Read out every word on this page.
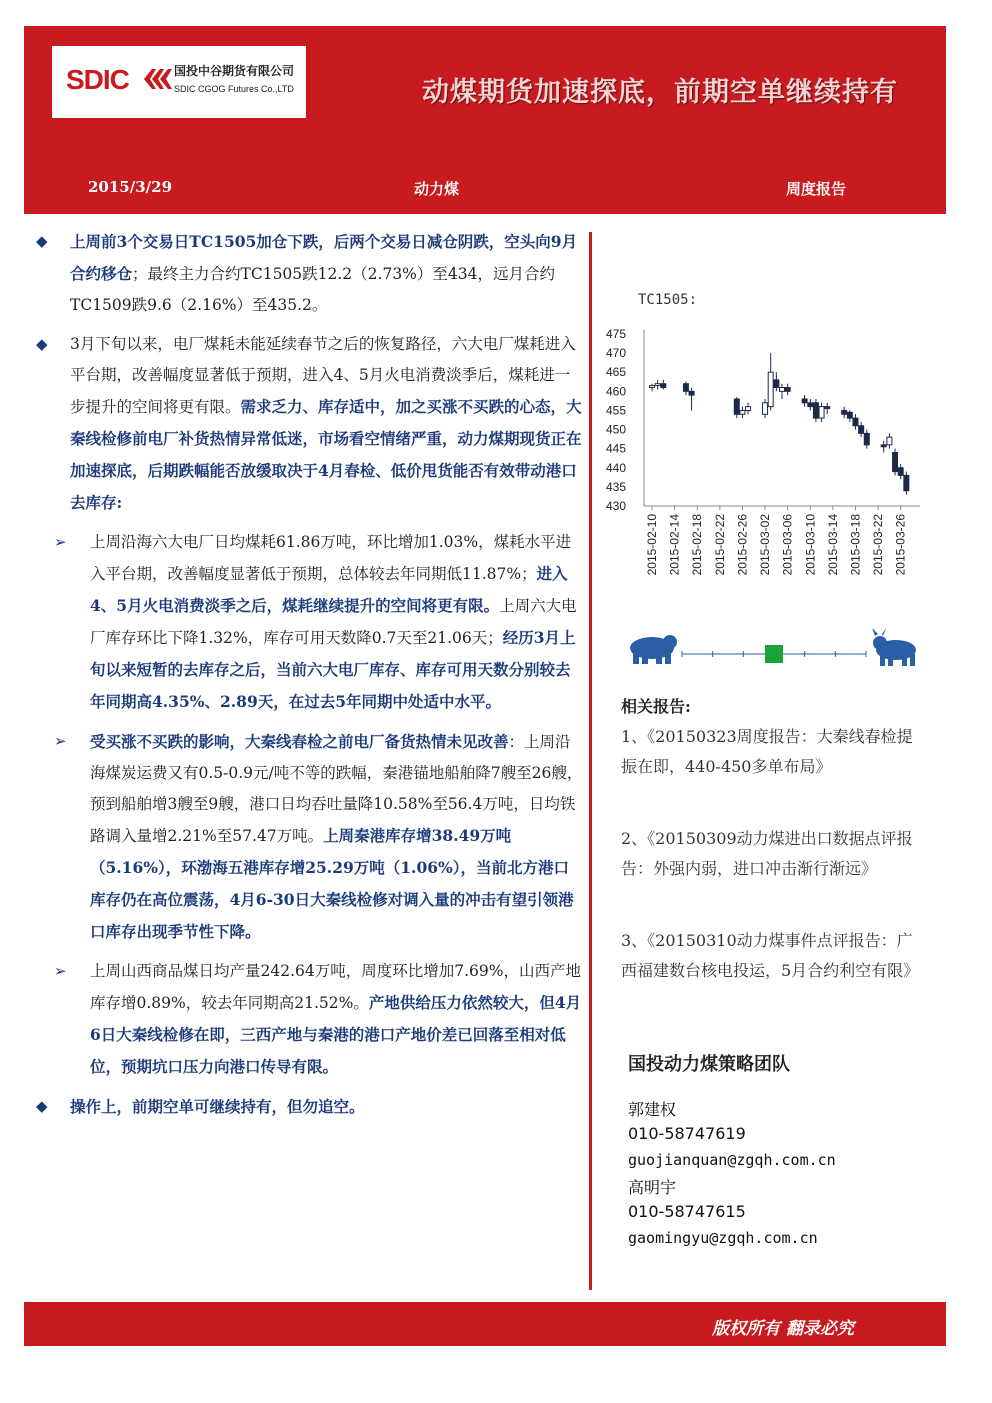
SDIC	国投中谷期货有限公司
SDIC CGOG Futures Co.,LTD	动煤期货加速探底，前期空单继续持有
2015/3/29	动力煤	周度报告
◆ 上周前3个交易日TC1505加仓下跌，后两个交易日减仓阴跌，空头向9月合约移仓；最终主力合约TC1505跌12.2（2.73%）至434，远月合约TC1509跌9.6（2.16%）至435.2。
◆ 3月下旬以来，电厂煤耗未能延续春节之后的恢复路径，六大电厂煤耗进入平台期，改善幅度显著低于预期，进入4、5月火电消费淡季后，煤耗进一步提升的空间将更有限。需求乏力、库存适中，加之买涨不买跌的心态，大秦线检修前电厂补货热情异常低迷，市场看空情绪严重，动力煤期现货正在加速探底，后期跌幅能否放缓取决于4月春检、低价甩货能否有效带动港口去库存:
➢ 上周沿海六大电厂日均煤耗61.86万吨，环比增加1.03%，煤耗水平进入平台期，改善幅度显著低于预期，总体较去年同期低11.87%；进入4、5月火电消费淡季之后，煤耗继续提升的空间将更有限。上周六大电厂库存环比下降1.32%，库存可用天数降0.7天至21.06天；经历3月上旬以来短暂的去库存之后，当前六大电厂库存、库存可用天数分别较去年同期高4.35%、2.89天，在过去5年同期中处适中水平。
➢ 受买涨不买跌的影响，大秦线春检之前电厂备货热情未见改善：上周沿海煤炭运费又有0.5-0.9元/吨不等的跌幅，秦港锚地船舶降7艘至26艘，预到船舶增3艘至9艘，港口日均吞吐量降10.58%至56.4万吨，日均铁路调入量增2.21%至57.47万吨。上周秦港库存增38.49万吨（5.16%），环渤海五港库存增25.29万吨（1.06%），当前北方港口库存仍在高位震荡，4月6-30日大秦线检修对调入量的冲击有望引领港口库存出现季节性下降。
➢ 上周山西商品煤日均产量242.64万吨，周度环比增加7.69%，山西产地库存增0.89%，较去年同期高21.52%。产地供给压力依然较大，但4月6日大秦线检修在即，三西产地与秦港的港口产地价差已回落至相对低位，预期坑口压力向港口传导有限。
◆ 操作上，前期空单可继续持有，但勿追空。
TC1505:
430
435
440
445
450
455
460
465
470
475
2015-02-10 2015-02-14 2015-02-18 2015-02-22 2015-02-26 2015-03-02 2015-03-06 2015-03-10 2015-03-14 2015-03-18 2015-03-22 2015-03-26
相关报告:
1、《20150323周度报告：大秦线春检提振在即，440-450多单布局》
2、《20150309动力煤进出口数据点评报告：外强内弱，进口冲击渐行渐远》
3、《20150310动力煤事件点评报告：广西福建数台核电投运，5月合约利空有限》
国投动力煤策略团队
郭建权
010-58747619
guojianquan@zgqh.com.cn
高明宇
010-58747615
gaomingyu@zgqh.com.cn
版权所有 翻录必究
